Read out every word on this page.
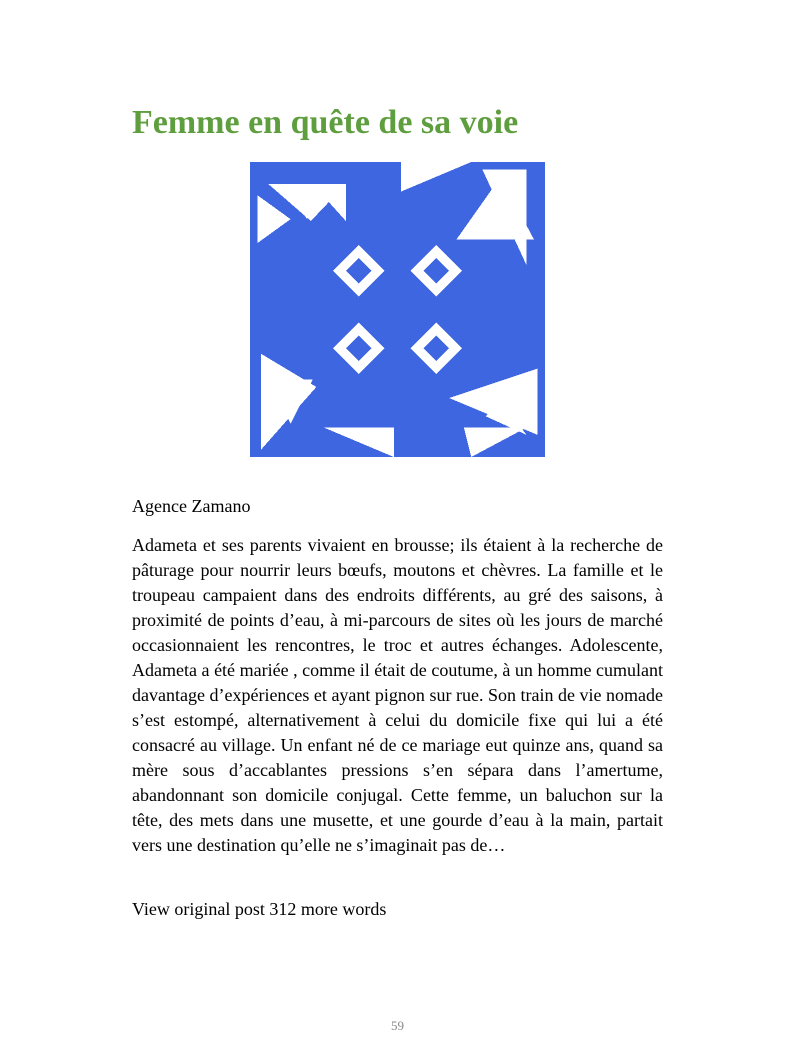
Femme en quête de sa voie

Agence Zamano

Adameta et ses parents vivaient en brousse; ils étaient à la recherche de pâturage pour nourrir leurs bœufs, moutons et chèvres. La famille et le troupeau campaient dans des endroits différents, au gré des saisons, à proximité de points d’eau, à mi-parcours de sites où les jours de marché occasionnaient les rencontres, le troc et autres échanges. Adolescente, Adameta a été mariée , comme il était de coutume, à un homme cumulant davantage d’expériences et ayant pignon sur rue. Son train de vie nomade s’est estompé, alternativement à celui du domicile fixe qui lui a été consacré au village. Un enfant né de ce mariage eut quinze ans, quand sa mère sous d’accablantes pressions s’en sépara dans l’amertume, abandonnant son domicile conjugal. Cette femme, un baluchon sur la tête, des mets dans une musette, et une gourde d’eau à la main, partait vers une destination qu’elle ne s’imaginait pas de…

View original post 312 more words

59
